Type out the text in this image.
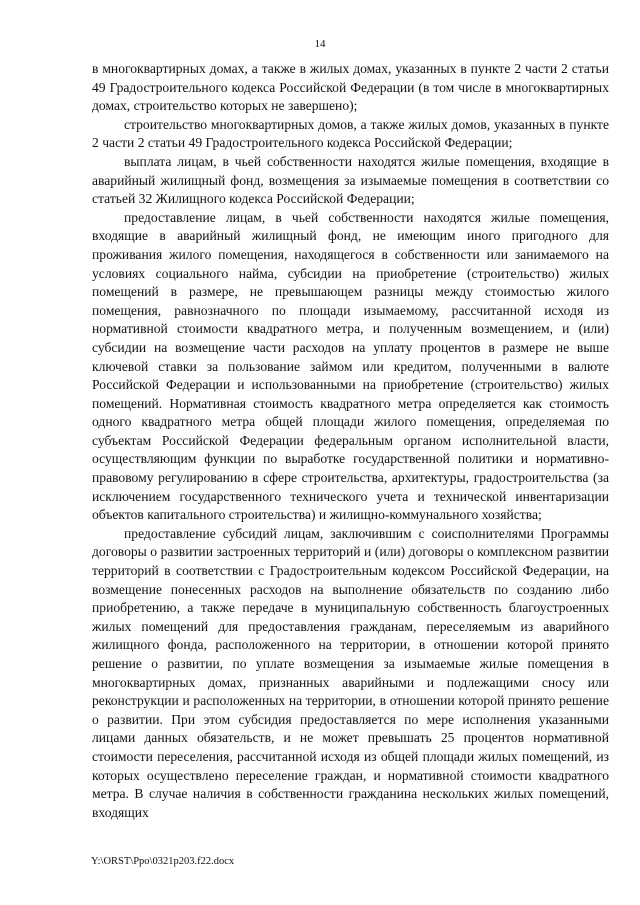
14

в многоквартирных домах, а также в жилых домах, указанных в пункте 2 части 2 статьи 49 Градостроительного кодекса Российской Федерации (в том числе в многоквартирных домах, строительство которых не завершено);

строительство многоквартирных домов, а также жилых домов, указанных в пункте 2 части 2 статьи 49 Градостроительного кодекса Российской Федерации;

выплата лицам, в чьей собственности находятся жилые помещения, входящие в аварийный жилищный фонд, возмещения за изымаемые помещения в соответствии со статьей 32 Жилищного кодекса Российской Федерации;

предоставление лицам, в чьей собственности находятся жилые помещения, входящие в аварийный жилищный фонд, не имеющим иного пригодного для проживания жилого помещения, находящегося в собственности или занимаемого на условиях социального найма, субсидии на приобретение (строительство) жилых помещений в размере, не превышающем разницы между стоимостью жилого помещения, равнозначного по площади изымаемому, рассчитанной исходя из нормативной стоимости квадратного метра, и полученным возмещением, и (или) субсидии на возмещение части расходов на уплату процентов в размере не выше ключевой ставки за пользование займом или кредитом, полученными в валюте Российской Федерации и использованными на приобретение (строительство) жилых помещений. Нормативная стоимость квадратного метра определяется как стоимость одного квадратного метра общей площади жилого помещения, определяемая по субъектам Российской Федерации федеральным органом исполнительной власти, осуществляющим функции по выработке государственной политики и нормативно-правовому регулированию в сфере строительства, архитектуры, градостроительства (за исключением государственного технического учета и технической инвентаризации объектов капитального строительства) и жилищно-коммунального хозяйства;

предоставление субсидий лицам, заключившим с соисполнителями Программы договоры о развитии застроенных территорий и (или) договоры о комплексном развитии территорий в соответствии с Градостроительным кодексом Российской Федерации, на возмещение понесенных расходов на выполнение обязательств по созданию либо приобретению, а также передаче в муниципальную собственность благоустроенных жилых помещений для предоставления гражданам, переселяемым из аварийного жилищного фонда, расположенного на территории, в отношении которой принято решение о развитии, по уплате возмещения за изымаемые жилые помещения в многоквартирных домах, признанных аварийными и подлежащими сносу или реконструкции и расположенных на территории, в отношении которой принято решение о развитии. При этом субсидия предоставляется по мере исполнения указанными лицами данных обязательств, и не может превышать 25 процентов нормативной стоимости переселения, рассчитанной исходя из общей площади жилых помещений, из которых осуществлено переселение граждан, и нормативной стоимости квадратного метра. В случае наличия в собственности гражданина нескольких жилых помещений, входящих

Y:\ORST\Ppo\0321p203.f22.docx
